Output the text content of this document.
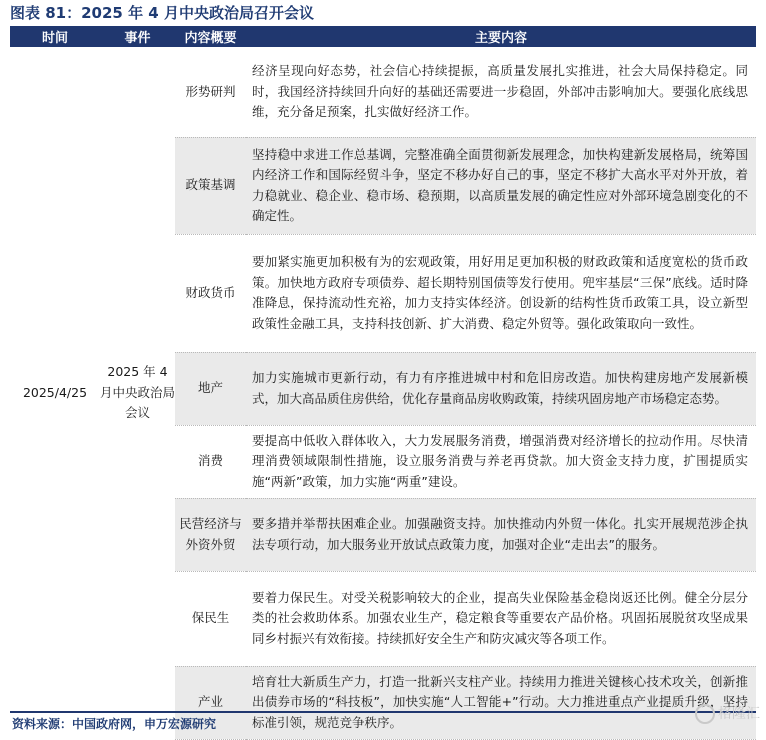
图表 81：2025 年 4 月中央政治局召开会议
时间	事件	内容概要	主要内容
2025/4/25	2025 年 4 月中央政治局会议	形势研判	经济呈现向好态势，社会信心持续提振，高质量发展扎实推进，社会大局保持稳定。同时，我国经济持续回升向好的基础还需要进一步稳固，外部冲击影响加大。要强化底线思维，充分备足预案，扎实做好经济工作。
		政策基调	坚持稳中求进工作总基调，完整准确全面贯彻新发展理念，加快构建新发展格局，统筹国内经济工作和国际经贸斗争，坚定不移办好自己的事，坚定不移扩大高水平对外开放，着力稳就业、稳企业、稳市场、稳预期，以高质量发展的确定性应对外部环境急剧变化的不确定性。
		财政货币	要加紧实施更加积极有为的宏观政策，用好用足更加积极的财政政策和适度宽松的货币政策。加快地方政府专项债券、超长期特别国债等发行使用。兜牢基层“三保”底线。适时降准降息，保持流动性充裕，加力支持实体经济。创设新的结构性货币政策工具，设立新型政策性金融工具，支持科技创新、扩大消费、稳定外贸等。强化政策取向一致性。
		地产	加力实施城市更新行动，有力有序推进城中村和危旧房改造。加快构建房地产发展新模式，加大高品质住房供给，优化存量商品房收购政策，持续巩固房地产市场稳定态势。
		消费	要提高中低收入群体收入，大力发展服务消费，增强消费对经济增长的拉动作用。尽快清理消费领域限制性措施，设立服务消费与养老再贷款。加大资金支持力度，扩围提质实施“两新”政策，加力实施“两重”建设。
		民营经济与外资外贸	要多措并举帮扶困难企业。加强融资支持。加快推动内外贸一体化。扎实开展规范涉企执法专项行动，加大服务业开放试点政策力度，加强对企业“走出去”的服务。
		保民生	要着力保民生。对受关税影响较大的企业，提高失业保险基金稳岗返还比例。健全分层分类的社会救助体系。加强农业生产，稳定粮食等重要农产品价格。巩固拓展脱贫攻坚成果同乡村振兴有效衔接。持续抓好安全生产和防灾减灾等各项工作。
		产业	培育壮大新质生产力，打造一批新兴支柱产业。持续用力推进关键核心技术攻关，创新推出债券市场的“科技板”，加快实施“人工智能+”行动。大力推进重点产业提质升级，坚持标准引领，规范竞争秩序。
资料来源：中国政府网，申万宏源研究
格隆汇
